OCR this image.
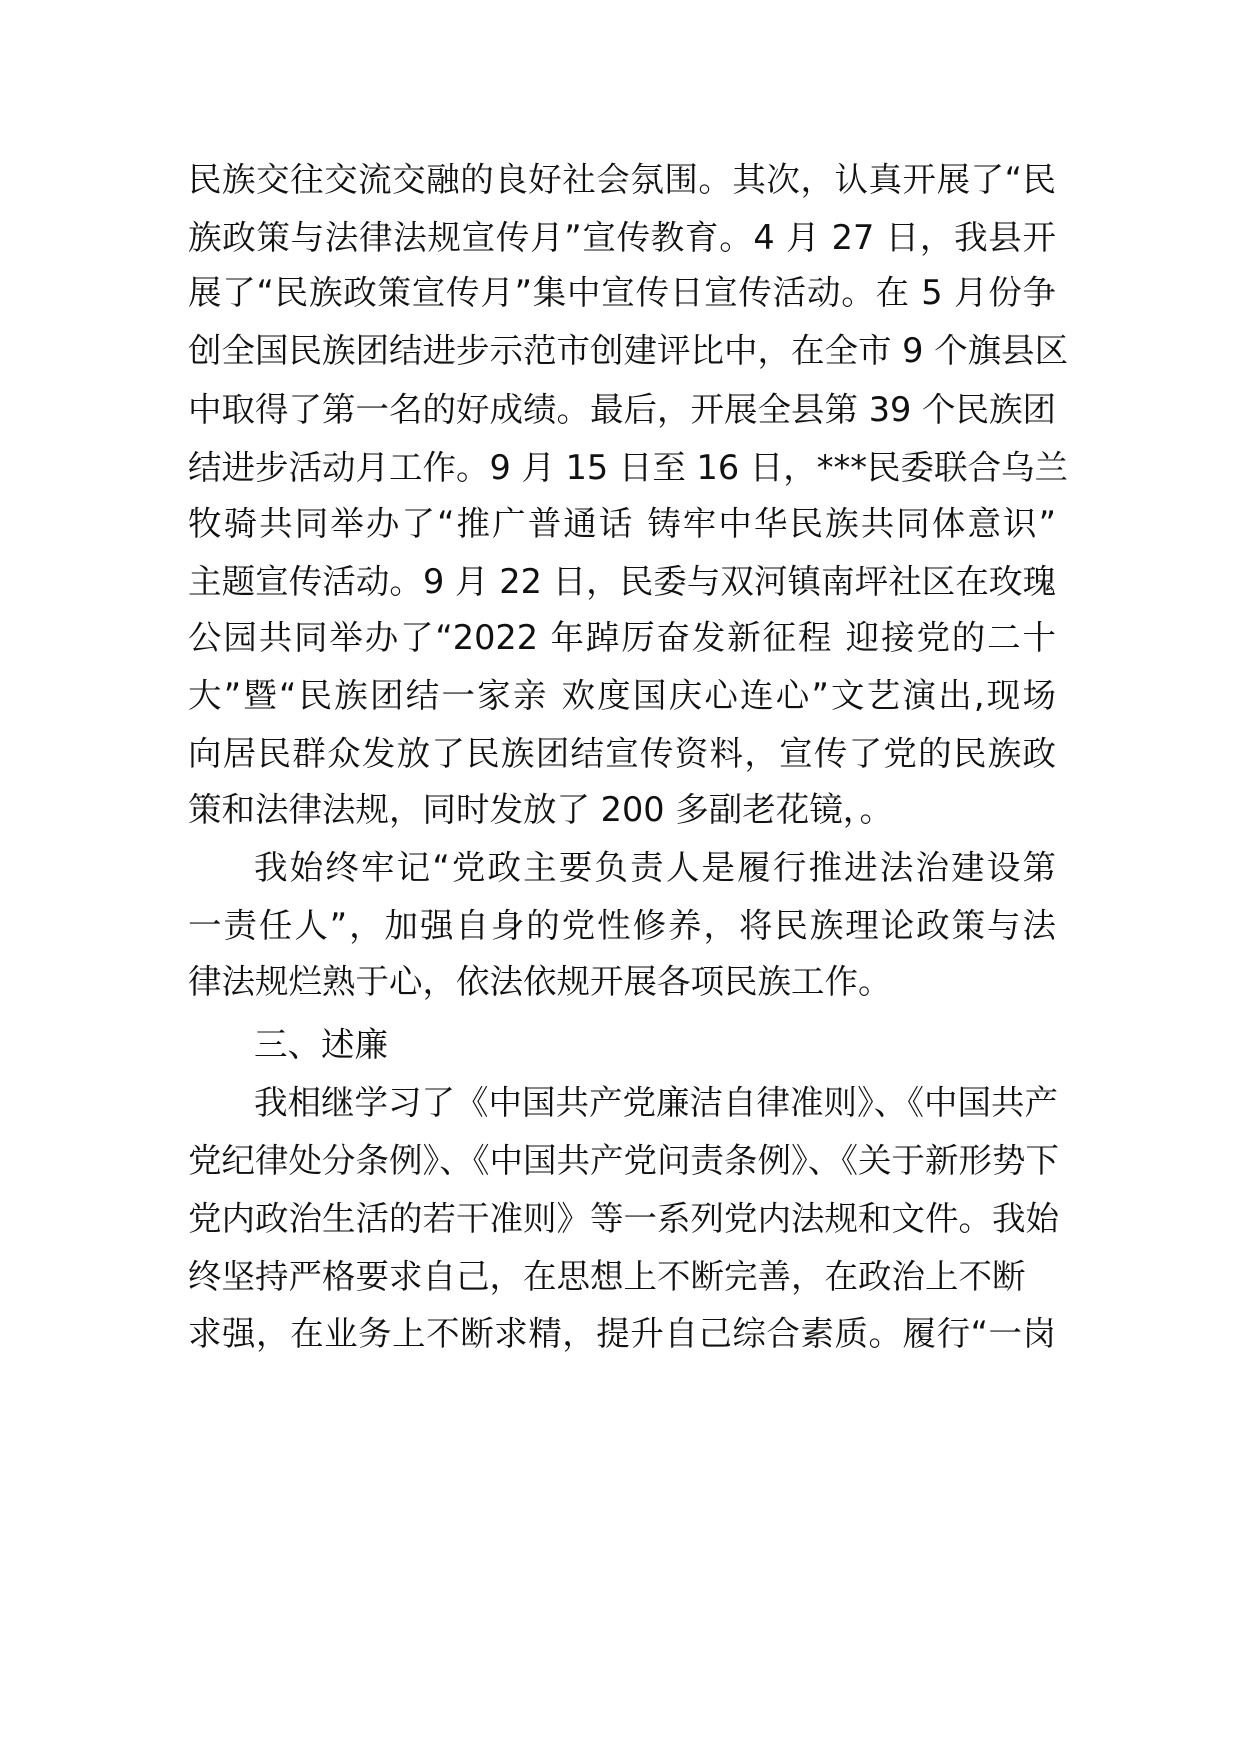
民族交往交流交融的良好社会氛围。其次，认真开展了“民
族政策与法律法规宣传月”宣传教育。4 月 27 日，我县开
展了“民族政策宣传月”集中宣传日宣传活动。在 5 月份争
创全国民族团结进步示范市创建评比中，在全市 9 个旗县区
中取得了第一名的好成绩。最后，开展全县第 39 个民族团
结进步活动月工作。9 月 15 日至 16 日，***民委联合乌兰
牧骑共同举办了“推广普通话 铸牢中华民族共同体意识”
主题宣传活动。9 月 22 日，民委与双河镇南坪社区在玫瑰
公园共同举办了“2022 年踔厉奋发新征程 迎接党的二十
大”暨“民族团结一家亲 欢度国庆心连心”文艺演出,现场
向居民群众发放了民族团结宣传资料，宣传了党的民族政
策和法律法规，同时发放了 200 多副老花镜，。
我始终牢记“党政主要负责人是履行推进法治建设第
一责任人”，加强自身的党性修养，将民族理论政策与法
律法规烂熟于心，依法依规开展各项民族工作。
三、述廉
我相继学习了《中国共产党廉洁自律准则》、《中国共产
党纪律处分条例》、《中国共产党问责条例》、《关于新形势下
党内政治生活的若干准则》等一系列党内法规和文件。我始
终坚持严格要求自己，在思想上不断完善，在政治上不断
求强，在业务上不断求精，提升自己综合素质。履行“一岗
